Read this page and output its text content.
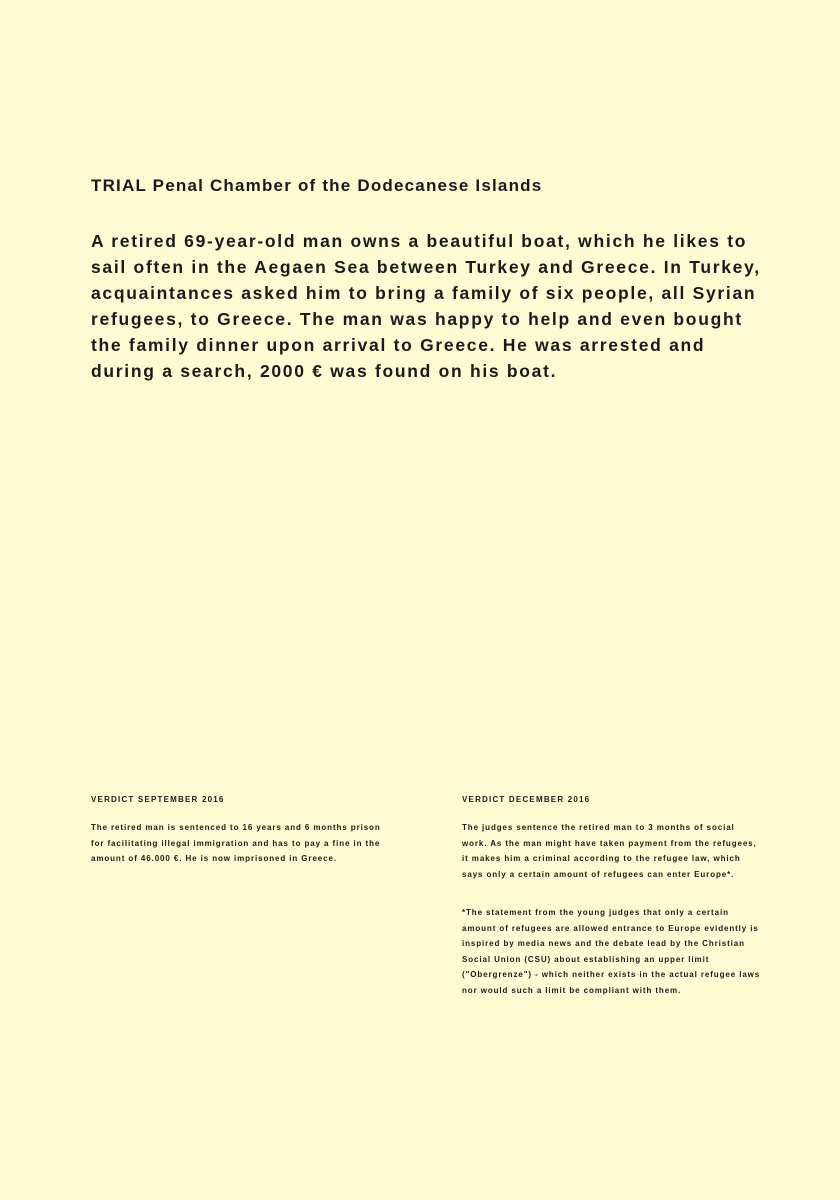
TRIAL Penal Chamber of the Dodecanese Islands

A retired 69-year-old man owns a beautiful boat, which he likes to sail often in the Aegaen Sea between Turkey and Greece. In Turkey, acquaintances asked him to bring a family of six people, all Syrian refugees, to Greece. The man was happy to help and even bought the family dinner upon arrival to Greece. He was arrested and during a search, 2000 € was found on his boat.

VERDICT SEPTEMBER 2016

The retired man is sentenced to 16 years and 6 months prison for facilitating illegal immigration and has to pay a fine in the amount of 46.000 €. He is now imprisoned in Greece.

VERDICT DECEMBER 2016

The judges sentence the retired man to 3 months of social work. As the man might have taken payment from the refugees, it makes him a criminal according to the refugee law, which says only a certain amount of refugees can enter Europe*.

*The statement from the young judges that only a certain amount of refugees are allowed entrance to Europe evidently is inspired by media news and the debate lead by the Christian Social Union (CSU) about establishing an upper limit ("Obergrenze") - which neither exists in the actual refugee laws nor would such a limit be compliant with them.
